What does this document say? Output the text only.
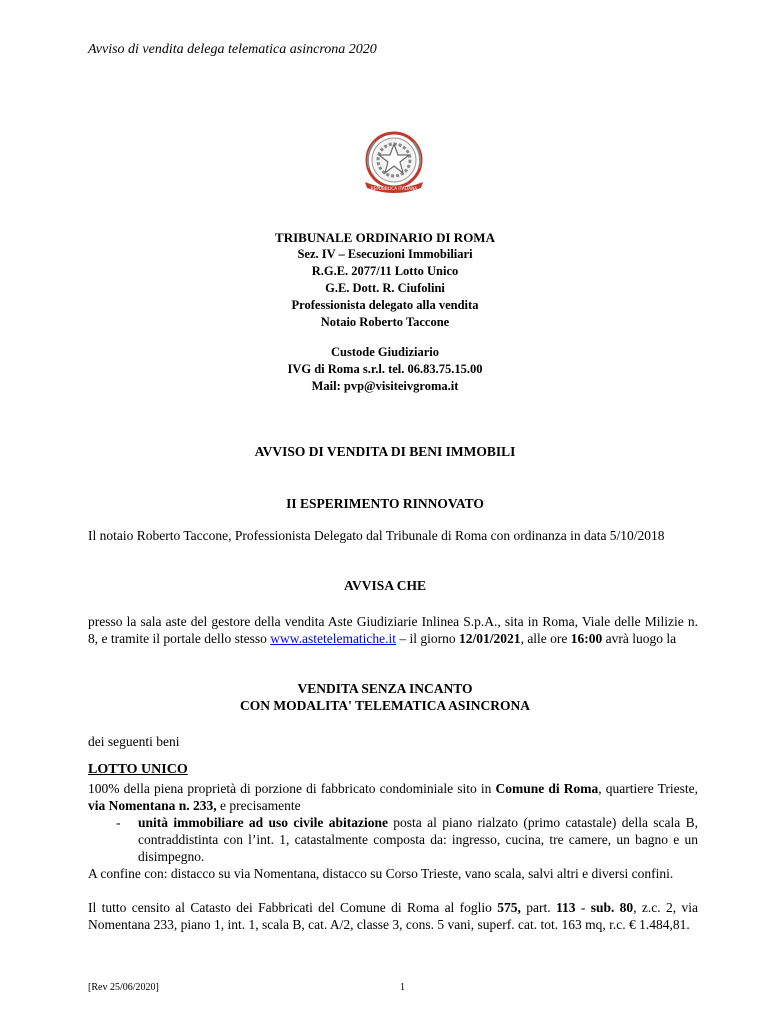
Avviso di vendita delega telematica asincrona 2020
REPUBBLICA ITALIANA
TRIBUNALE ORDINARIO DI ROMA
Sez. IV – Esecuzioni Immobiliari
R.G.E. 2077/11 Lotto Unico
G.E. Dott. R. Ciufolini
Professionista delegato alla vendita
Notaio Roberto Taccone
Custode Giudiziario
IVG di Roma s.r.l. tel. 06.83.75.15.00
Mail: pvp@visiteivgroma.it
AVVISO DI VENDITA DI BENI IMMOBILI
II ESPERIMENTO RINNOVATO
Il notaio Roberto Taccone, Professionista Delegato dal Tribunale di Roma con ordinanza in data 5/10/2018
AVVISA CHE
presso la sala aste del gestore della vendita Aste Giudiziarie Inlinea S.p.A., sita in Roma, Viale delle Milizie n. 8, e tramite il portale dello stesso www.astetelematiche.it – il giorno 12/01/2021, alle ore 16:00 avrà luogo la
VENDITA SENZA INCANTO
CON MODALITA' TELEMATICA ASINCRONA
dei seguenti beni
LOTTO UNICO
100% della piena proprietà di porzione di fabbricato condominiale sito in Comune di Roma, quartiere Trieste, via Nomentana n. 233, e precisamente
- unità immobiliare ad uso civile abitazione posta al piano rialzato (primo catastale) della scala B, contraddistinta con l’int. 1, catastalmente composta da: ingresso, cucina, tre camere, un bagno e un disimpegno.
A confine con: distacco su via Nomentana, distacco su Corso Trieste, vano scala, salvi altri e diversi confini.
Il tutto censito al Catasto dei Fabbricati del Comune di Roma al foglio 575, part. 113 - sub. 80, z.c. 2, via Nomentana 233, piano 1, int. 1, scala B, cat. A/2, classe 3, cons. 5 vani, superf. cat. tot. 163 mq, r.c. € 1.484,81.
[Rev 25/06/2020]	1
